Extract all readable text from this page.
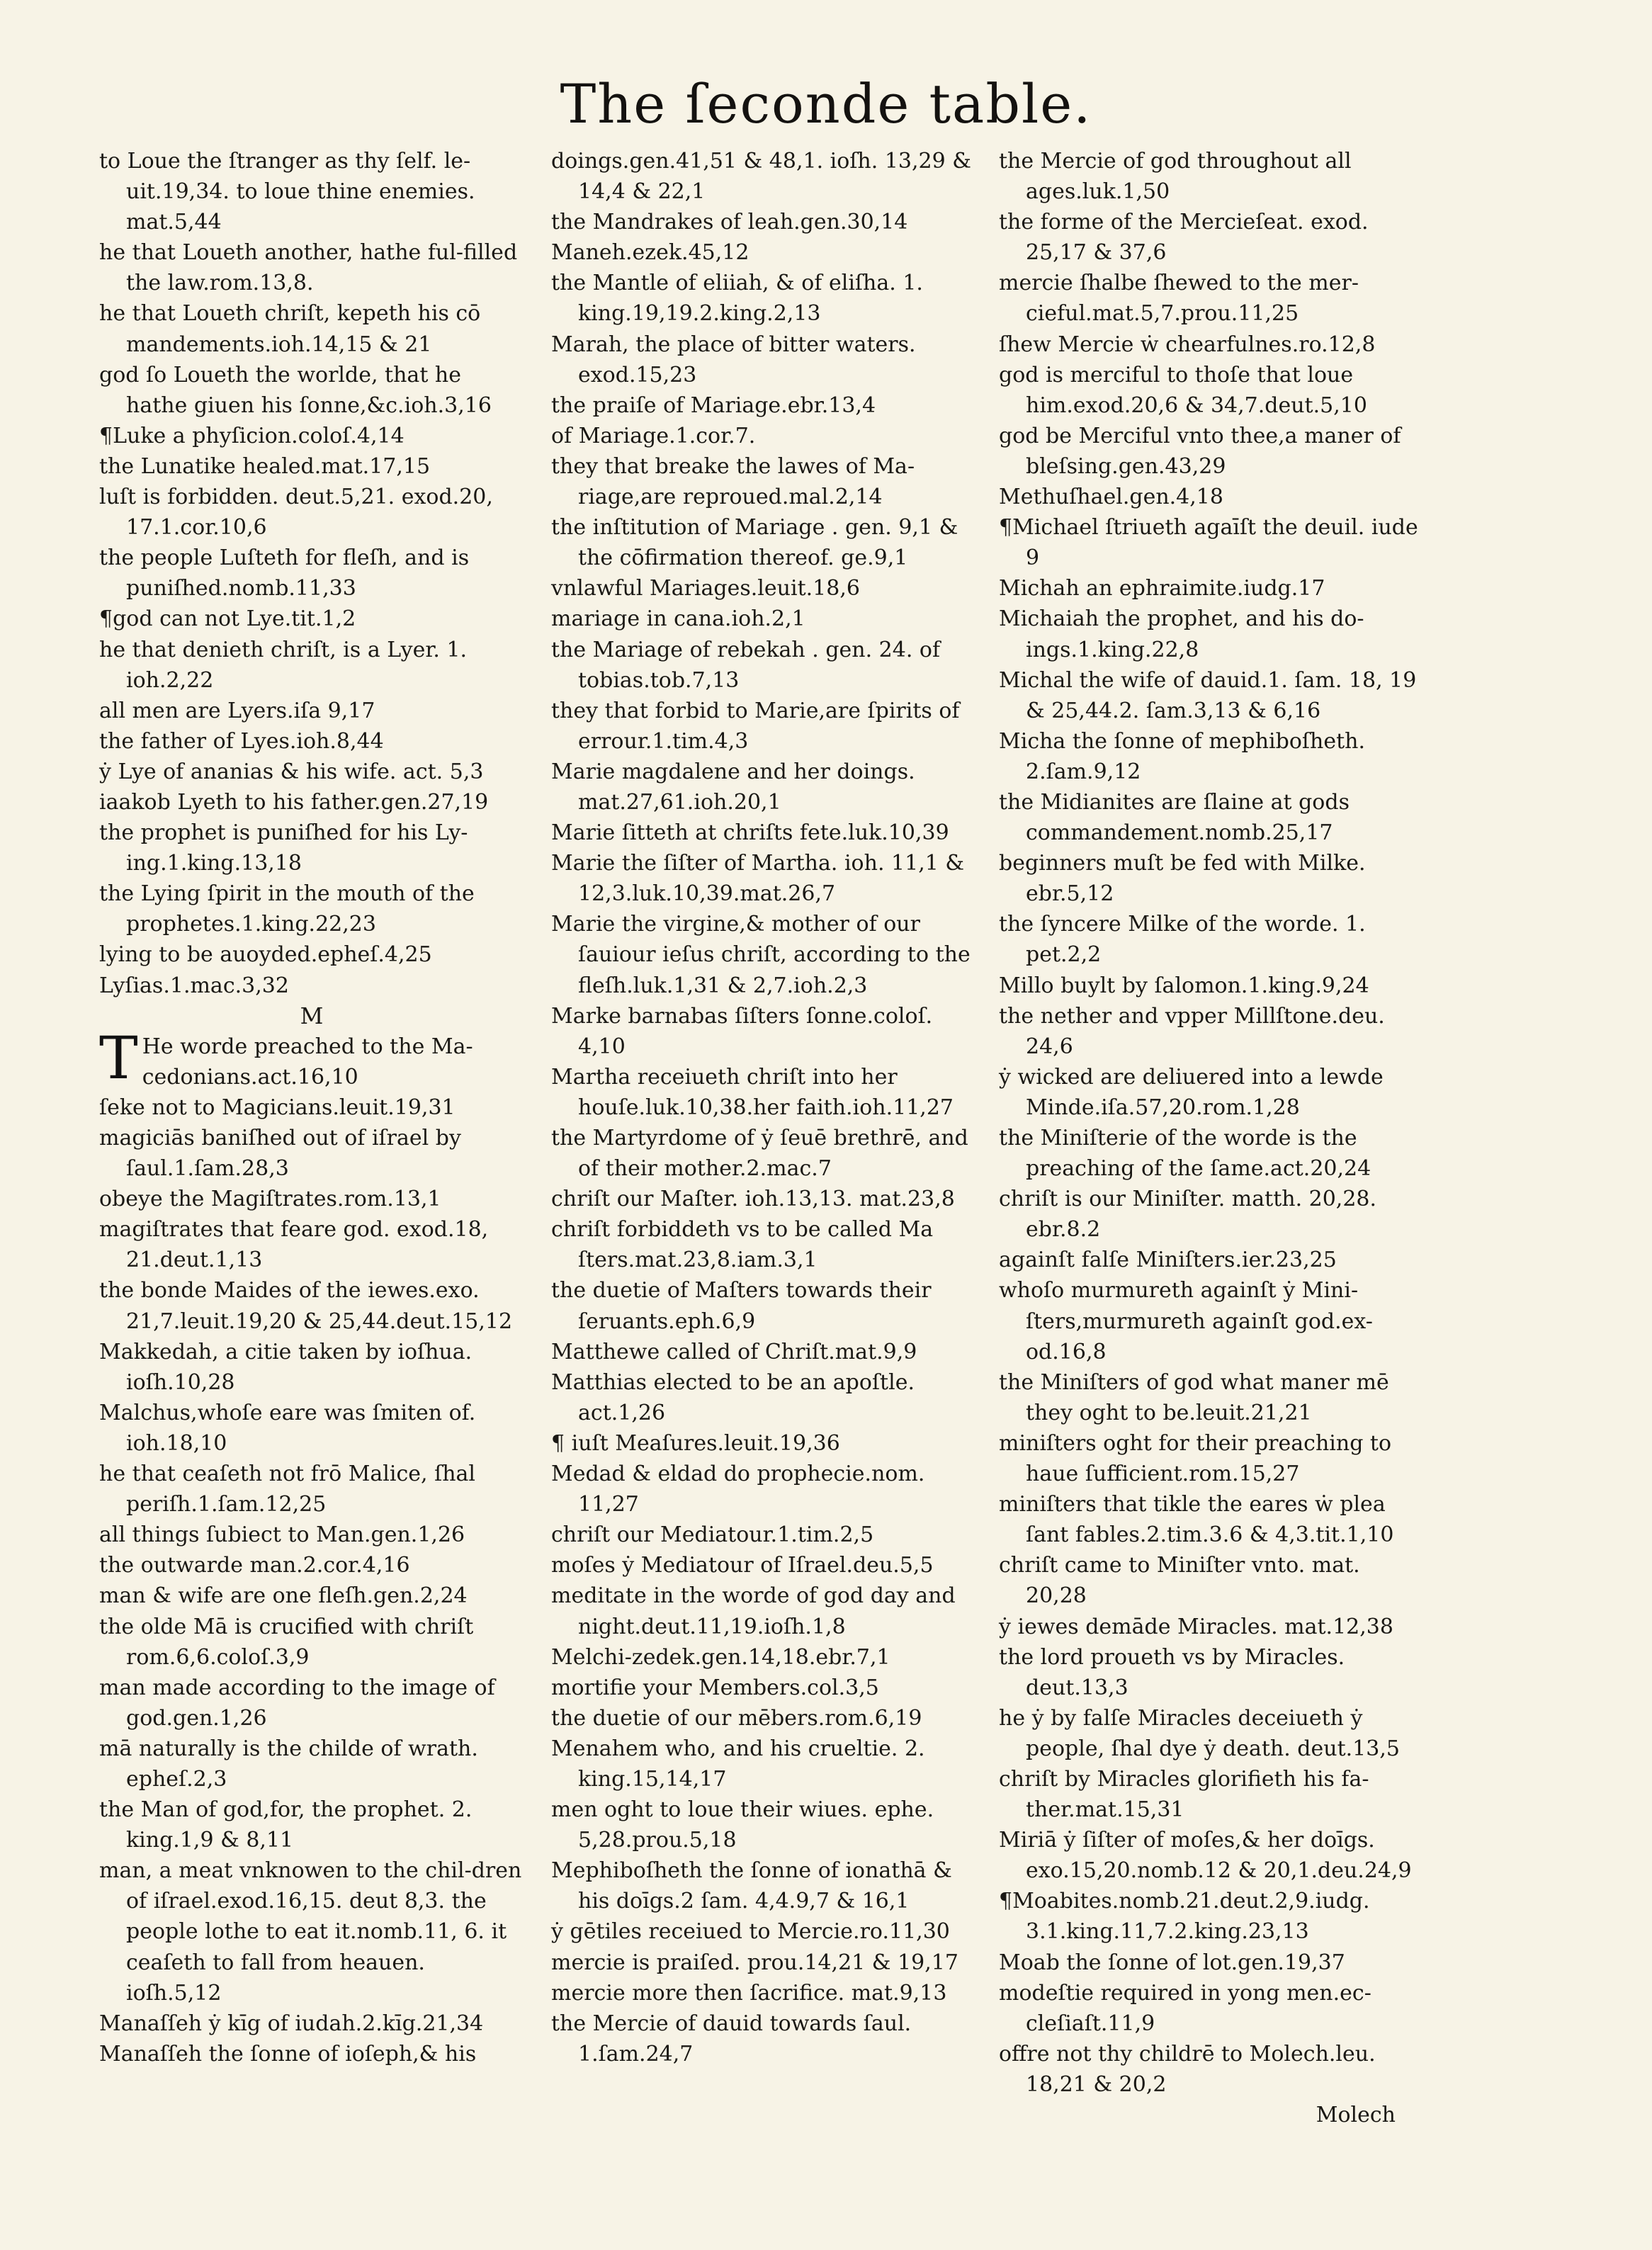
The ſeconde table.
to Loue the ſtranger as thy ſelf. le-uit.19,34. to loue thine enemies. mat.5,44
he that Loueth another, hathe ful-filled the law.rom.13,8.
he that Loueth chriſt, kepeth his cō mandements.ioh.14,15 & 21
god ſo Loueth the worlde, that he hathe giuen his ſonne,&c.ioh.3,16
¶Luke a phyſicion.coloſ.4,14
the Lunatike healed.mat.17,15
luſt is forbidden. deut.5,21. exod.20, 17.1.cor.10,6
the people Luſteth for fleſh, and is puniſhed.nomb.11,33
¶god can not Lye.tit.1,2
he that denieth chriſt, is a Lyer. 1. ioh.2,22
all men are Lyers.iſa 9,17
the father of Lyes.ioh.8,44
ẏ Lye of ananias & his wife. act. 5,3
iaakob Lyeth to his father.gen.27,19
the prophet is puniſhed for his Ly-ing.1.king.13,18
the Lying ſpirit in the mouth of the prophetes.1.king.22,23
lying to be auoyded.epheſ.4,25
Lyſias.1.mac.3,32
M
T He worde preached to the Ma-cedonians.act.16,10
ſeke not to Magicians.leuit.19,31
magiciās baniſhed out of iſrael by ſaul.1.ſam.28,3
obeye the Magiſtrates.rom.13,1
magiſtrates that feare god. exod.18, 21.deut.1,13
the bonde Maides of the iewes.exo. 21,7.leuit.19,20 & 25,44.deut.15,12
Makkedah, a citie taken by ioſhua. ioſh.10,28
Malchus,whoſe eare was ſmiten of. ioh.18,10
he that ceaſeth not frō Malice, ſhal periſh.1.ſam.12,25
all things ſubiect to Man.gen.1,26
the outwarde man.2.cor.4,16
man & wife are one fleſh.gen.2,24
the olde Mā is crucified with chriſt rom.6,6.coloſ.3,9
man made according to the image of god.gen.1,26
mā naturally is the childe of wrath. epheſ.2,3
the Man of god,for, the prophet. 2. king.1,9 & 8,11
man, a meat vnknowen to the chil-dren of iſrael.exod.16,15. deut 8,3. the people lothe to eat it.nomb.11, 6. it ceaſeth to fall from heauen. ioſh.5,12
Manaſſeh ẏ kīg of iudah.2.kīg.21,34
Manaſſeh the ſonne of ioſeph,& his
doings.gen.41,51 & 48,1. ioſh. 13,29 & 14,4 & 22,1
the Mandrakes of leah.gen.30,14
Maneh.ezek.45,12
the Mantle of eliiah, & of eliſha. 1. king.19,19.2.king.2,13
Marah, the place of bitter waters. exod.15,23
the praiſe of Mariage.ebr.13,4
of Mariage.1.cor.7.
they that breake the lawes of Ma-riage,are reproued.mal.2,14
the inſtitution of Mariage . gen. 9,1 & the cōfirmation thereof. ge.9,1
vnlawful Mariages.leuit.18,6
mariage in cana.ioh.2,1
the Mariage of rebekah . gen. 24. of tobias.tob.7,13
they that forbid to Marie,are ſpirits of errour.1.tim.4,3
Marie magdalene and her doings. mat.27,61.ioh.20,1
Marie ſitteth at chriſts fete.luk.10,39
Marie the ſiſter of Martha. ioh. 11,1 & 12,3.luk.10,39.mat.26,7
Marie the virgine,& mother of our ſauiour ieſus chriſt, according to the fleſh.luk.1,31 & 2,7.ioh.2,3
Marke barnabas ſiſters ſonne.coloſ. 4,10
Martha receiueth chriſt into her houſe.luk.10,38.her faith.ioh.11,27
the Martyrdome of ẏ ſeuē brethrē, and of their mother.2.mac.7
chriſt our Maſter. ioh.13,13. mat.23,8
chriſt forbiddeth vs to be called Ma ſters.mat.23,8.iam.3,1
the duetie of Maſters towards their ſeruants.eph.6,9
Matthewe called of Chriſt.mat.9,9
Matthias elected to be an apoſtle. act.1,26
¶ iuſt Meaſures.leuit.19,36
Medad & eldad do prophecie.nom. 11,27
chriſt our Mediatour.1.tim.2,5
moſes ẏ Mediatour of Iſrael.deu.5,5
meditate in the worde of god day and night.deut.11,19.ioſh.1,8
Melchi-zedek.gen.14,18.ebr.7,1
mortifie your Members.col.3,5
the duetie of our mēbers.rom.6,19
Menahem who, and his crueltie. 2. king.15,14,17
men oght to loue their wiues. ephe. 5,28.prou.5,18
Mephiboſheth the ſonne of ionathā & his doīgs.2 ſam. 4,4.9,7 & 16,1
ẏ gētiles receiued to Mercie.ro.11,30
mercie is praiſed. prou.14,21 & 19,17
mercie more then ſacrifice. mat.9,13
the Mercie of dauid towards ſaul. 1.ſam.24,7
the Mercie of god throughout all ages.luk.1,50
the forme of the Mercieſeat. exod. 25,17 & 37,6
mercie ſhalbe ſhewed to the mer-cieful.mat.5,7.prou.11,25
ſhew Mercie ẇ chearfulnes.ro.12,8
god is merciful to thoſe that loue him.exod.20,6 & 34,7.deut.5,10
god be Merciful vnto thee,a maner of bleſsing.gen.43,29
Methuſhael.gen.4,18
¶Michael ſtriueth agaīſt the deuil. iude 9
Michah an ephraimite.iudg.17
Michaiah the prophet, and his do-ings.1.king.22,8
Michal the wife of dauid.1. ſam. 18, 19 & 25,44.2. ſam.3,13 & 6,16
Micha the ſonne of mephiboſheth. 2.ſam.9,12
the Midianites are ſlaine at gods commandement.nomb.25,17
beginners muſt be fed with Milke. ebr.5,12
the ſyncere Milke of the worde. 1. pet.2,2
Millo buylt by ſalomon.1.king.9,24
the nether and vpper Millſtone.deu. 24,6
ẏ wicked are deliuered into a lewde Minde.iſa.57,20.rom.1,28
the Miniſterie of the worde is the preaching of the ſame.act.20,24
chriſt is our Miniſter. matth. 20,28. ebr.8.2
againſt falſe Miniſters.ier.23,25
whoſo murmureth againſt ẏ Mini-ſters,murmureth againſt god.ex-od.16,8
the Miniſters of god what maner mē they oght to be.leuit.21,21
miniſters oght for their preaching to haue ſufficient.rom.15,27
miniſters that tikle the eares ẇ plea ſant fables.2.tim.3.6 & 4,3.tit.1,10
chriſt came to Miniſter vnto. mat. 20,28
ẏ iewes demāde Miracles. mat.12,38
the lord proueth vs by Miracles. deut.13,3
he ẏ by falſe Miracles deceiueth ẏ people, ſhal dye ẏ death. deut.13,5
chriſt by Miracles glorifieth his fa-ther.mat.15,31
Miriā ẏ ſiſter of moſes,& her doīgs. exo.15,20.nomb.12 & 20,1.deu.24,9
¶Moabites.nomb.21.deut.2,9.iudg. 3.1.king.11,7.2.king.23,13
Moab the ſonne of lot.gen.19,37
modeſtie required in yong men.ec-cleſiaſt.11,9
offre not thy childrē to Molech.leu. 18,21 & 20,2
Molech
